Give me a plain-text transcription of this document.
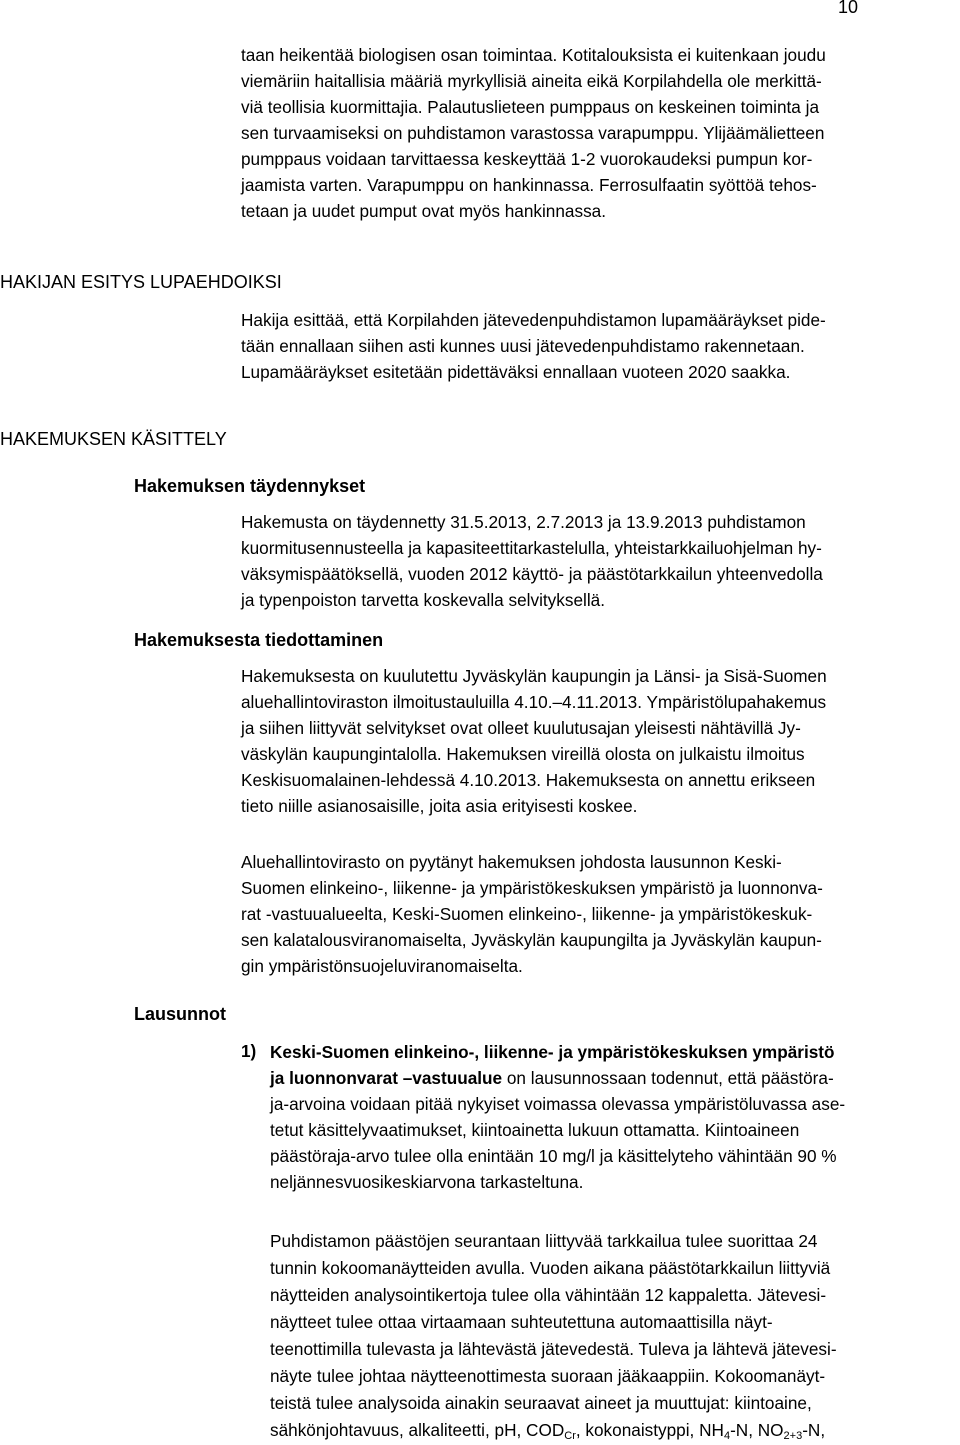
10

taan heikentää biologisen osan toimintaa. Kotitalouksista ei kuitenkaan joudu

viemäriin haitallisia määriä myrkyllisiä aineita eikä Korpilahdella ole merkittä-

viä teollisia kuormittajia. Palautusliete​en pumppaus on keskeinen toiminta ja

sen turvaamiseksi on puhdistamon varastossa varapumppu. Ylijäämälietteen

pumppaus voidaan tarvittaessa keskeyttää 1-2 vuorokaudeksi pumpun kor-

jaamista varten. Varapumppu on hankinnassa. Ferrosulfaatin syöttöä tehos-

tetaan ja uudet pumput ovat myös hankinnassa.

HAKIJAN ESITYS LUPAEHDOIKSI

Hakija esittää, että Korpilahden jätevedenpuhdistamon lupamääräykset pide-

tään ennallaan siihen asti kunnes uusi jätevedenpuhdistamo rakennetaan.

Lupamääräykset esitetään pidettäväksi ennallaan vuoteen 2020 saakka.

HAKEMUKSEN KÄSITTELY
Hakemuksen täydennykset

Hakemusta on täydennetty 31.5.2013, 2.7.2013 ja 13.9.2013 puhdistamon

kuormitusennusteella ja kapasiteettitarkastelulla, yhteistarkkailuohjelman hy-

väksymispäätöksellä, vuoden 2012 käyttö- ja päästötarkkailun yhteenvedolla

ja typenpoiston tarvetta koskevalla selvityksellä.

Hakemuksesta tiedottaminen

Hakemuksesta on kuulutettu Jyväskylän kaupungin ja Länsi- ja Sisä-Suomen

aluehallintoviraston ilmoitustauluilla 4.10.–4.11.2013. Ympäristölupahakemus

ja siihen liittyvät selvitykset ovat olleet kuulutusajan yleisesti nähtävillä Jy-

väskylän kaupungintalolla. Hakemuksen vireillä olosta on julkaistu ilmoitus

Keskisuomalainen-lehdessä 4.10.2013. Hakemuksesta on annettu erikseen

tieto niille asianosaisille, joita asia erityisesti koskee.

Aluehallintovirasto on pyytänyt hakemuksen johdosta lausunnon Keski-

Suomen elinkeino-, liikenne- ja ympäristökeskuksen ympäristö ja luonnonva-

rat -vastuualueelta, Keski-Suomen elinkeino-, liikenne- ja ympäristökeskuk-

sen kalatalousviranomaiselta, Jyväskylän kaupungilta ja Jyväskylän kaupun-

gin ympäristönsuojeluviranomaiselta.

Lausunnot
1) Keski-Suomen elinkeino-, liikenne- ja ympäristökeskuksen ympäristö

ja luonnonvarat –vastuualue on lausunnossaan todennut, että päästöra-

ja-arvoina voidaan pitää nykyiset voimassa olevassa ympäristöluvassa ase-

tetut käsittelyvaatimukset, kiintoainetta lukuun ottamatta. Kiintoaineen

päästöraja-arvo tulee olla enintään 10 mg/l ja käsittelyteho vähintään 90 %

neljännesvuosikeskiarvona tarkasteltuna.

Puhdistamon päästöjen seurantaan liittyvää tarkkailua tulee suorittaa 24

tunnin kokoomanäytteiden avulla. Vuoden aikana päästötarkkailun liittyviä

näytteiden analysointikertoja tulee olla vähintään 12 kappaletta. Jätevesi-

näytteet tulee ottaa virtaamaan suhteutettuna automaattisilla näyt-

teenottimilla tulevasta ja lähtevästä jätevedestä. Tuleva ja lähtevä jätevesi-

näyte tulee johtaa näytteenottimesta suoraan jääkaappiin. Kokoomanäyt-

teistä tulee analysoida ainakin seuraavat aineet ja muuttujat: kiintoaine,

sähkönjohtavuus, alkaliteetti, pH, $COD_{Cr}$, kokonaistyppi, $NH_4-N$, $NO_{2+3}-N$,
